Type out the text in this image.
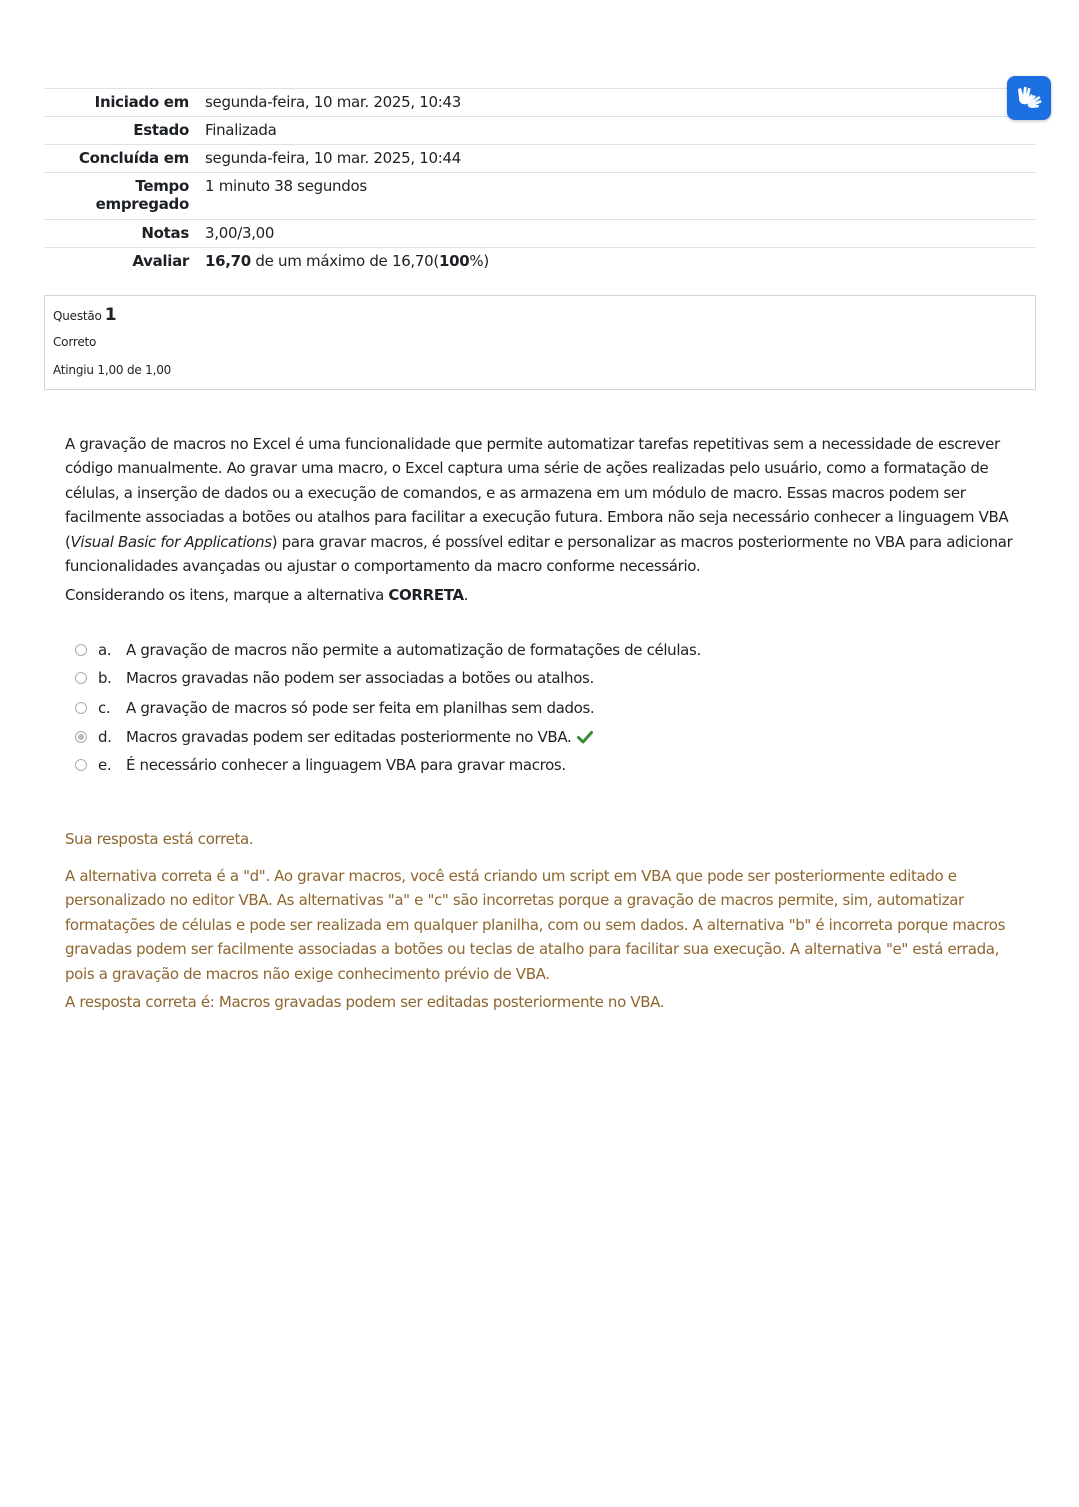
Iniciado em	segunda-feira, 10 mar. 2025, 10:43
Estado	Finalizada
Concluída em	segunda-feira, 10 mar. 2025, 10:44
Tempo empregado	1 minuto 38 segundos
Notas	3,00/3,00
Avaliar	16,70 de um máximo de 16,70(100%)
Questão 1
Correto
Atingiu 1,00 de 1,00

A gravação de macros no Excel é uma funcionalidade que permite automatizar tarefas repetitivas sem a necessidade de escrever código manualmente. Ao gravar uma macro, o Excel captura uma série de ações realizadas pelo usuário, como a formatação de células, a inserção de dados ou a execução de comandos, e as armazena em um módulo de macro. Essas macros podem ser facilmente associadas a botões ou atalhos para facilitar a execução futura. Embora não seja necessário conhecer a linguagem VBA (Visual Basic for Applications) para gravar macros, é possível editar e personalizar as macros posteriormente no VBA para adicionar funcionalidades avançadas ou ajustar o comportamento da macro conforme necessário.

Considerando os itens, marque a alternativa CORRETA.
a. A gravação de macros não permite a automatização de formatações de células.
b. Macros gravadas não podem ser associadas a botões ou atalhos.
c. A gravação de macros só pode ser feita em planilhas sem dados.
d. Macros gravadas podem ser editadas posteriormente no VBA.
e. É necessário conhecer a linguagem VBA para gravar macros.
Sua resposta está correta.
A alternativa correta é a "d". Ao gravar macros, você está criando um script em VBA que pode ser posteriormente editado e personalizado no editor VBA. As alternativas "a" e "c" são incorretas porque a gravação de macros permite, sim, automatizar formatações de células e pode ser realizada em qualquer planilha, com ou sem dados. A alternativa "b" é incorreta porque macros gravadas podem ser facilmente associadas a botões ou teclas de atalho para facilitar sua execução. A alternativa "e" está errada, pois a gravação de macros não exige conhecimento prévio de VBA.
A resposta correta é: Macros gravadas podem ser editadas posteriormente no VBA.
